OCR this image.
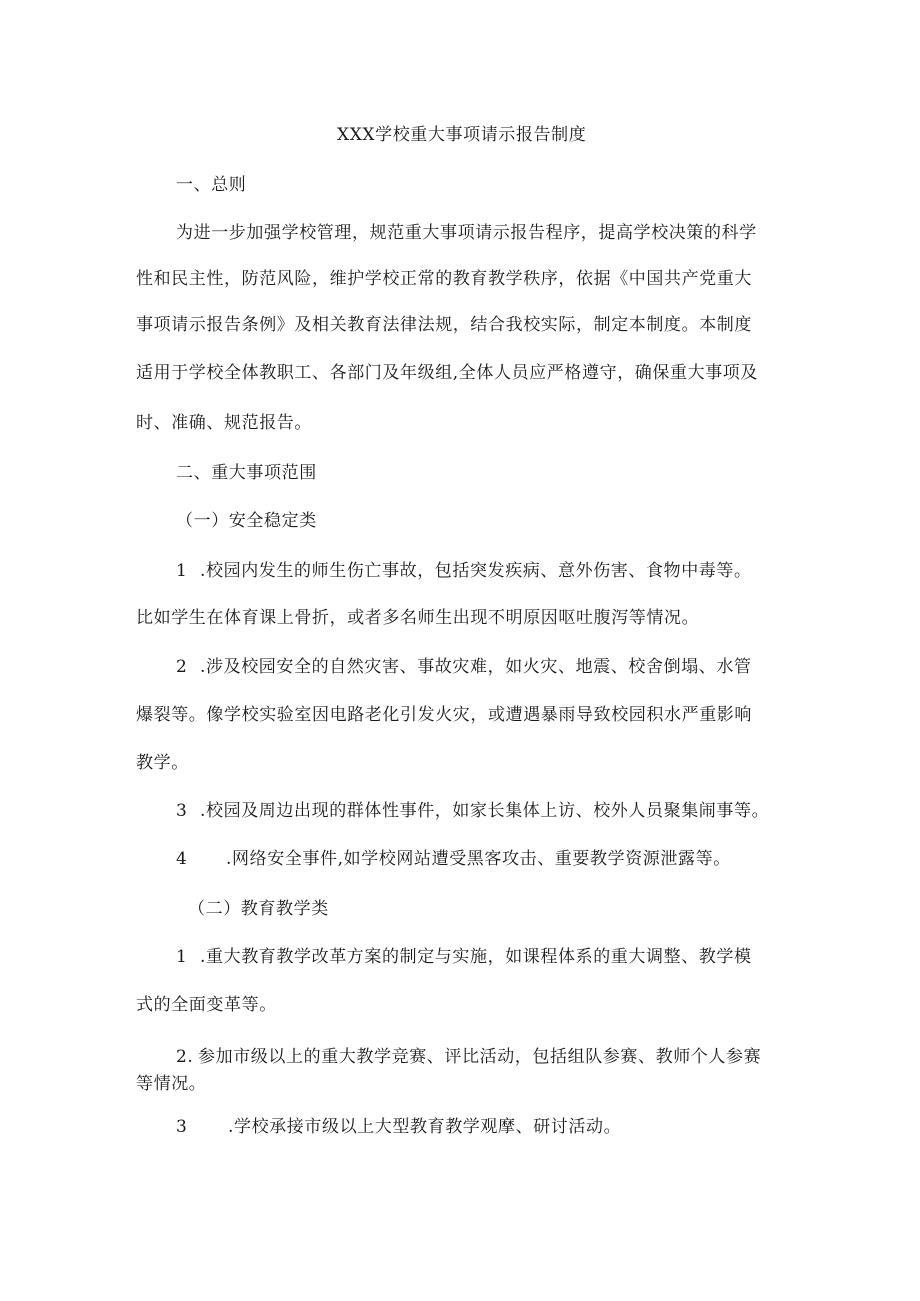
XXX学校重大事项请示报告制度
一、总则
为进一步加强学校管理，规范重大事项请示报告程序，提高学校决策的科学
性和民主性，防范风险，维护学校正常的教育教学秩序，依据《中国共产党重大
事项请示报告条例》及相关教育法律法规，结合我校实际，制定本制度。本制度
适用于学校全体教职工、各部门及年级组,全体人员应严格遵守，确保重大事项及
时、准确、规范报告。
二、重大事项范围
（一）安全稳定类
1 .校园内发生的师生伤亡事故，包括突发疾病、意外伤害、食物中毒等。
比如学生在体育课上骨折，或者多名师生出现不明原因呕吐腹泻等情况。
2 .涉及校园安全的自然灾害、事故灾难，如火灾、地震、校舍倒塌、水管
爆裂等。像学校实验室因电路老化引发火灾，或遭遇暴雨导致校园积水严重影响
教学。
3 .校园及周边出现的群体性事件，如家长集体上访、校外人员聚集闹事等。
4 .网络安全事件,如学校网站遭受黑客攻击、重要教学资源泄露等。
（二）教育教学类
1 .重大教育教学改革方案的制定与实施，如课程体系的重大调整、教学模
式的全面变革等。
2. 参加市级以上的重大教学竞赛、评比活动，包括组队参赛、教师个人参赛
等情况。
3 .学校承接市级以上大型教育教学观摩、研讨活动。
